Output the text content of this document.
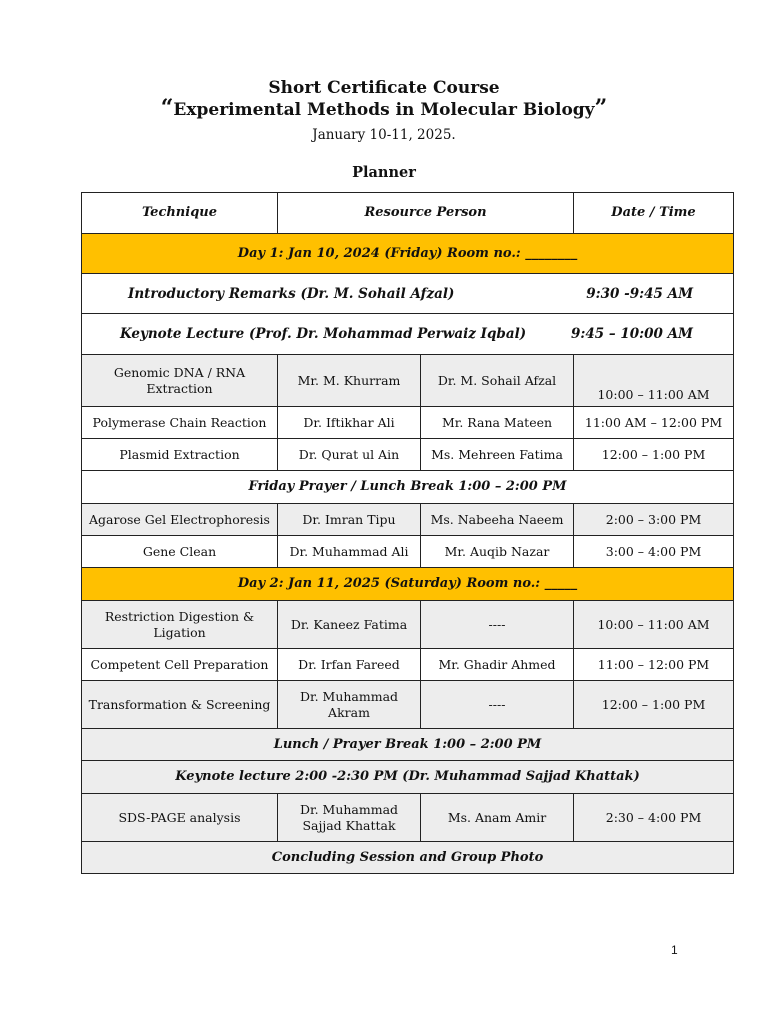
Short Certificate Course
“Experimental Methods in Molecular Biology”
January 10-11, 2025.
Planner
Technique	Resource Person		Date / Time
Day 1: Jan 10, 2024 (Friday) Room no.: ________			

Introductory Remarks (Dr. M. Sohail Afzal) 9:30 -9:45 AM			

Keynote Lecture (Prof. Dr. Mohammad Perwaiz Iqbal) 9:45 – 10:00 AM			

Genomic DNA / RNA Extraction	Mr. M. Khurram	Dr. M. Sohail Afzal	10:00 – 11:00 AM
Polymerase Chain Reaction	Dr. Iftikhar Ali	Mr. Rana Mateen	11:00 AM – 12:00 PM
Plasmid Extraction	Dr. Qurat ul Ain	Ms. Mehreen Fatima	12:00 – 1:00 PM
Friday Prayer / Lunch Break 1:00 – 2:00 PM			
Agarose Gel Electrophoresis	Dr. Imran Tipu	Ms. Nabeeha Naeem	2:00 – 3:00 PM
Gene Clean	Dr. Muhammad Ali	Mr. Auqib Nazar	3:00 – 4:00 PM
Day 2: Jan 11, 2025 (Saturday) Room no.: _____			
Restriction Digestion & Ligation	Dr. Kaneez Fatima	----	10:00 – 11:00 AM
Competent Cell Preparation	Dr. Irfan Fareed	Mr. Ghadir Ahmed	11:00 – 12:00 PM
Transformation & Screening	Dr. Muhammad Akram	----	12:00 – 1:00 PM
Lunch / Prayer Break 1:00 – 2:00 PM			
Keynote lecture 2:00 -2:30 PM (Dr. Muhammad Sajjad Khattak)			
SDS-PAGE analysis	Dr. Muhammad Sajjad Khattak	Ms. Anam Amir	2:30 – 4:00 PM
Concluding Session and Group Photo			
1
